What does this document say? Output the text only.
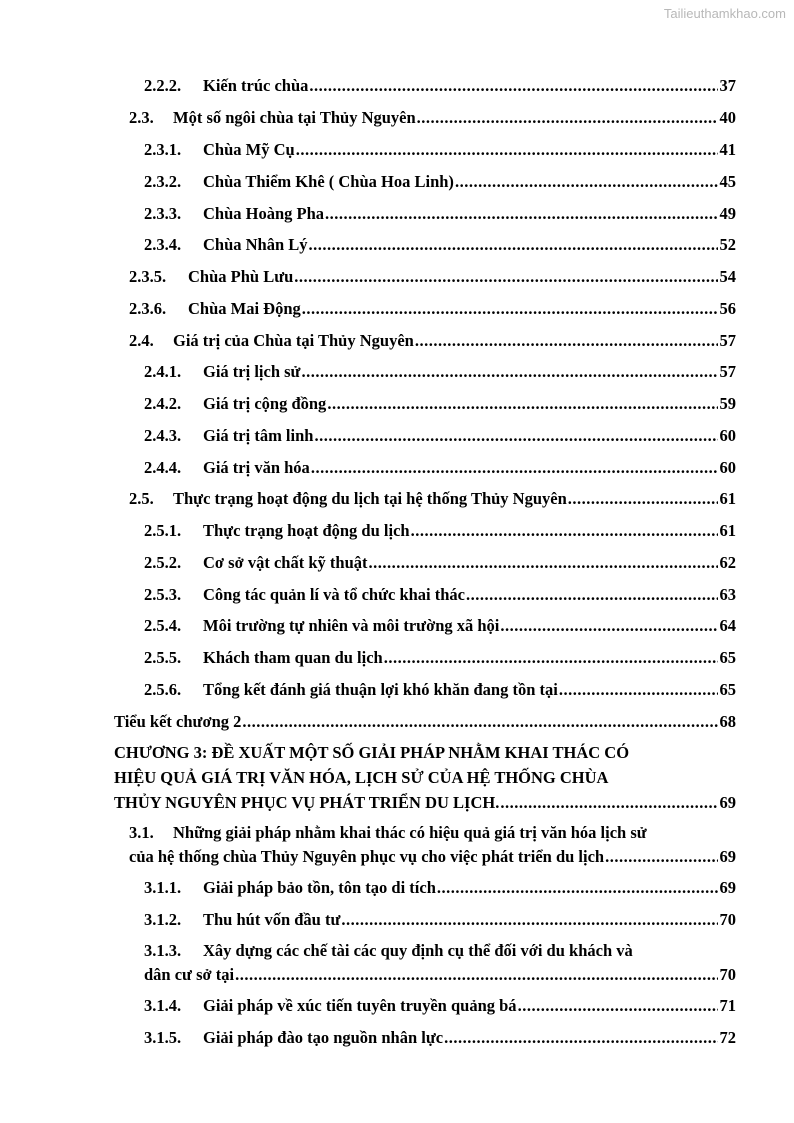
Tailieuthamkhao.com
2.2.2.	Kiến trúc chùa .....	37
2.3.	Một số ngôi chùa tại Thủy Nguyên .....	40
2.3.1.	Chùa Mỹ Cụ .....	41
2.3.2.	Chùa Thiểm Khê ( Chùa Hoa Linh) .....	45
2.3.3.	Chùa Hoàng Pha .....	49
2.3.4.	Chùa Nhân Lý .....	52
2.3.5.	Chùa Phù Lưu .....	54
2.3.6.	Chùa Mai Động .....	56
2.4.	Giá trị của Chùa tại Thủy Nguyên .....	57
2.4.1.	Giá trị lịch sử .....	57
2.4.2.	Giá trị cộng đồng .....	59
2.4.3.	Giá trị tâm linh .....	60
2.4.4.	Giá trị văn hóa .....	60
2.5.	Thực trạng hoạt động du lịch tại hệ thống Thủy Nguyên .....	61
2.5.1.	Thực trạng hoạt động du lịch .....	61
2.5.2.	Cơ sở vật chất kỹ thuật .....	62
2.5.3.	Công tác quản lí và tổ chức khai thác .....	63
2.5.4.	Môi trường tự nhiên và môi trường xã hội .....	64
2.5.5.	Khách tham quan du lịch .....	65
2.5.6.	Tổng kết đánh giá thuận lợi khó khăn đang tồn tại .....	65
Tiểu kết chương 2 .....	68
CHƯƠNG 3: ĐỀ XUẤT MỘT SỐ GIẢI PHÁP NHẰM KHAI THÁC CÓ
HIỆU QUẢ GIÁ TRỊ VĂN HÓA, LỊCH SỬ CỦA HỆ THỐNG CHÙA
THỦY NGUYÊN PHỤC VỤ PHÁT TRIỂN DU LỊCH. .....	69
3.1.	Những giải pháp nhằm khai thác có hiệu quả giá trị văn hóa lịch sử
của hệ thống chùa Thủy Nguyên phục vụ cho việc phát triển du lịch .....	69
3.1.1.	Giải pháp bảo tồn, tôn tạo di tích .....	69
3.1.2.	Thu hút vốn đầu tư .....	70
3.1.3.	Xây dựng các chế tài các quy định cụ thể đối với du khách và
dân cư sở tại .....	70
3.1.4.	Giải pháp về xúc tiến tuyên truyền quảng bá .....	71
3.1.5.	Giải pháp đào tạo nguồn nhân lực .....	72
